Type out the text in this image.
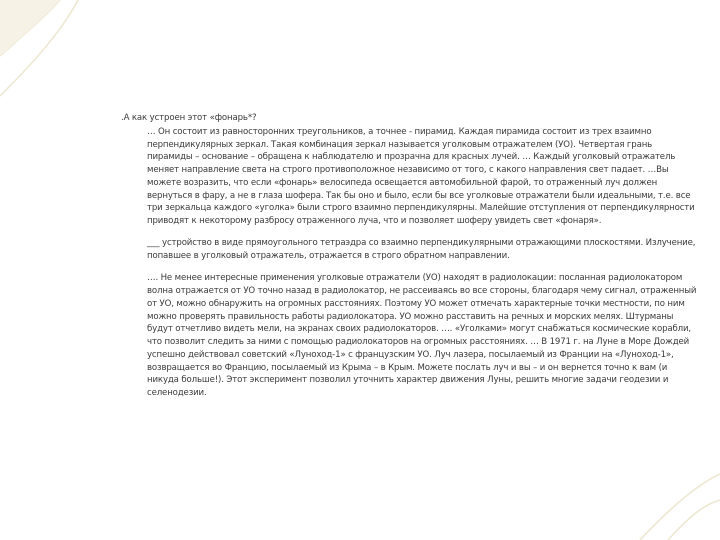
.А как устроен этот «фонарь*?

… Он состоит из равносторонних треугольников, а точнее - пирамид. Каждая пирамида состоит из трех взаимно перпендикулярных зеркал. Такая комбинация зеркал называется уголковым отражателем (УО). Четвертая грань пирамиды – основание – обращена к наблюдателю и прозрачна для красных лучей. … Каждый уголковый отражатель меняет направление света на строго противоположное независимо от того, с какого направления свет падает. …Вы можете возразить, что если «фонарь» велосипеда освещается автомобильной фарой, то отраженный луч должен вернуться в фару, а не в глаза шофера. Так бы оно и было, если бы все уголковые отражатели были идеальными, т.е. все три зеркальца каждого «уголка» были строго взаимно перпендикулярны. Малейшие отступления от перпендикулярности приводят к некоторому разбросу отраженного луча, что и позволяет шоферу увидеть свет «фонаря».

___ устройство в виде прямоугольного тетраэдра со взаимно перпендикулярными отражающими плоскостями. Излучение, попавшее в уголковый отражатель, отражается в строго обратном направлении.
…. Не менее интересные применения уголковые отражатели (УО) находят в радиолокации: посланная радиолокатором волна отражается от УО точно назад в радиолокатор, не рассеиваясь во все стороны, благодаря чему сигнал, отраженный от УО, можно обнаружить на огромных расстояниях. Поэтому УО может отмечать характерные точки местности, по ним можно проверять правильность работы радиолокатора. УО можно расставить на речных и морских мелях. Штурманы будут отчетливо видеть мели, на экранах своих радиолокаторов. …. «Уголками» могут снабжаться космические корабли, что позволит следить за ними с помощью радиолокаторов на огромных расстояниях. … В 1971 г. на Луне в Море Дождей успешно действовал советский «Луноход-1» с французским УО. Луч лазера, посылаемый из Франции на «Луноход-1», возвращается во Францию, посылаемый из Крыма – в Крым. Можете послать луч и вы – и он вернется точно к вам (и никуда больше!). Этот эксперимент позволил уточнить характер движения Луны, решить многие задачи геодезии и селенодезии.
